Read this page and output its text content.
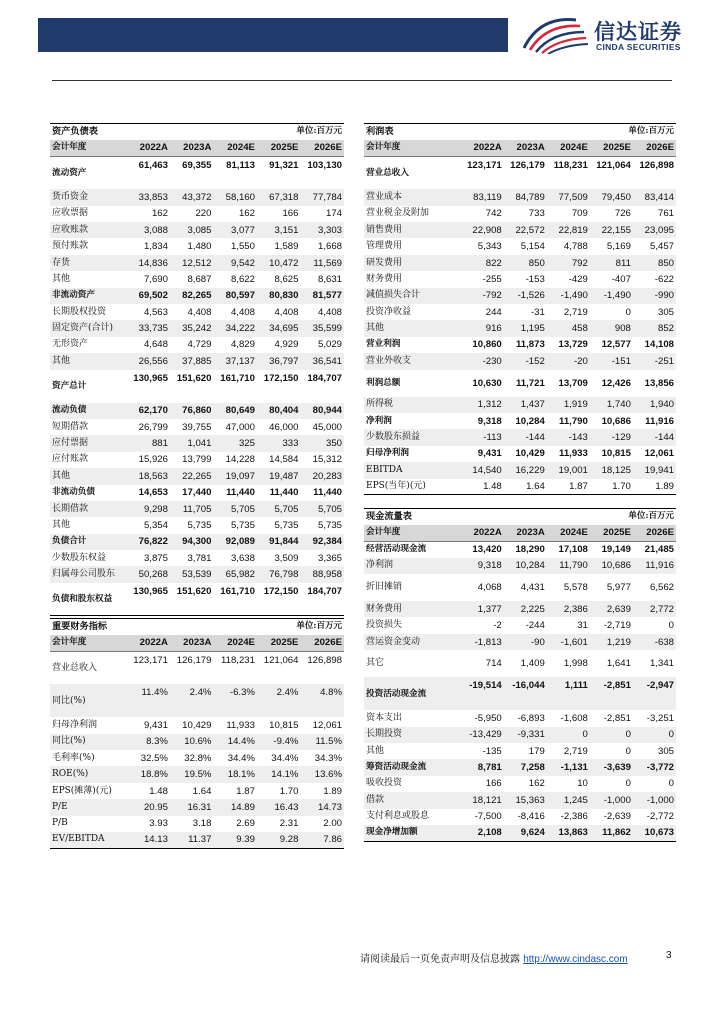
信达证券
CINDA SECURITIES
资产负债表			单位:百万元		
会计年度	2022A	2023A	2024E	2025E	2026E
流动资产	61,463	69,355	81,113	91,321	103,130
货币资金	33,853	43,372	58,160	67,318	77,784
应收票据	162	220	162	166	174
应收账款	3,088	3,085	3,077	3,151	3,303
预付账款	1,834	1,480	1,550	1,589	1,668
存货	14,836	12,512	9,542	10,472	11,569
其他	7,690	8,687	8,622	8,625	8,631
非流动资产	69,502	82,265	80,597	80,830	81,577
长期股权投资	4,563	4,408	4,408	4,408	4,408
固定资产(合计)	33,735	35,242	34,222	34,695	35,599
无形资产	4,648	4,729	4,829	4,929	5,029
其他	26,556	37,885	37,137	36,797	36,541
资产总计	130,965	151,620	161,710	172,150	184,707
流动负债	62,170	76,860	80,649	80,404	80,944
短期借款	26,799	39,755	47,000	46,000	45,000
应付票据	881	1,041	325	333	350
应付账款	15,926	13,799	14,228	14,584	15,312
其他	18,563	22,265	19,097	19,487	20,283
非流动负债	14,653	17,440	11,440	11,440	11,440
长期借款	9,298	11,705	5,705	5,705	5,705
其他	5,354	5,735	5,735	5,735	5,735
负债合计	76,822	94,300	92,089	91,844	92,384
少数股东权益	3,875	3,781	3,638	3,509	3,365
归属母公司股东	50,268	53,539	65,982	76,798	88,958
负债和股东权益	130,965	151,620	161,710	172,150	184,707
重要财务指标			单位:百万元		
会计年度	2022A	2023A	2024E	2025E	2026E
营业总收入	123,171	126,179	118,231	121,064	126,898
同比(%)	11.4%	2.4%	-6.3%	2.4%	4.8%
归母净利润	9,431	10,429	11,933	10,815	12,061
同比(%)	8.3%	10.6%	14.4%	-9.4%	11.5%
毛利率(%)	32.5%	32.8%	34.4%	34.4%	34.3%
ROE(%)	18.8%	19.5%	18.1%	14.1%	13.6%
EPS(摊薄)(元)	1.48	1.64	1.87	1.70	1.89
P/E	20.95	16.31	14.89	16.43	14.73
P/B	3.93	3.18	2.69	2.31	2.00
EV/EBITDA	14.13	11.37	9.39	9.28	7.86
利润表			单位:百万元		
会计年度	2022A	2023A	2024E	2025E	2026E
营业总收入	123,171	126,179	118,231	121,064	126,898
营业成本	83,119	84,789	77,509	79,450	83,414
营业税金及附加	742	733	709	726	761
销售费用	22,908	22,572	22,819	22,155	23,095
管理费用	5,343	5,154	4,788	5,169	5,457
研发费用	822	850	792	811	850
财务费用	-255	-153	-429	-407	-622
减值损失合计	-792	-1,526	-1,490	-1,490	-990
投资净收益	244	-31	2,719	0	305
其他	916	1,195	458	908	852
营业利润	10,860	11,873	13,729	12,577	14,108
营业外收支	-230	-152	-20	-151	-251
利润总额	10,630	11,721	13,709	12,426	13,856
所得税	1,312	1,437	1,919	1,740	1,940
净利润	9,318	10,284	11,790	10,686	11,916
少数股东损益	-113	-144	-143	-129	-144
归母净利润	9,431	10,429	11,933	10,815	12,061
EBITDA	14,540	16,229	19,001	18,125	19,941
EPS(当年)(元)	1.48	1.64	1.87	1.70	1.89
现金流量表			单位:百万元		
会计年度	2022A	2023A	2024E	2025E	2026E
经营活动现金流	13,420	18,290	17,108	19,149	21,485
净利润	9,318	10,284	11,790	10,686	11,916
折旧摊销	4,068	4,431	5,578	5,977	6,562
财务费用	1,377	2,225	2,386	2,639	2,772
投资损失	-2	-244	31	-2,719	0
营运资金变动	-1,813	-90	-1,601	1,219	-638
其它	714	1,409	1,998	1,641	1,341
投资活动现金流	-19,514	-16,044	1,111	-2,851	-2,947
资本支出	-5,950	-6,893	-1,608	-2,851	-3,251
长期投资	-13,429	-9,331	0	0	0
其他	-135	179	2,719	0	305
筹资活动现金流	8,781	7,258	-1,131	-3,639	-3,772
吸收投资	166	162	10	0	0
借款	18,121	15,363	1,245	-1,000	-1,000
支付利息或股息	-7,500	-8,416	-2,386	-2,639	-2,772
现金净增加额	2,108	9,624	13,863	11,862	10,673
请阅读最后一页免责声明及信息披露 http://www.cindasc.com	3
